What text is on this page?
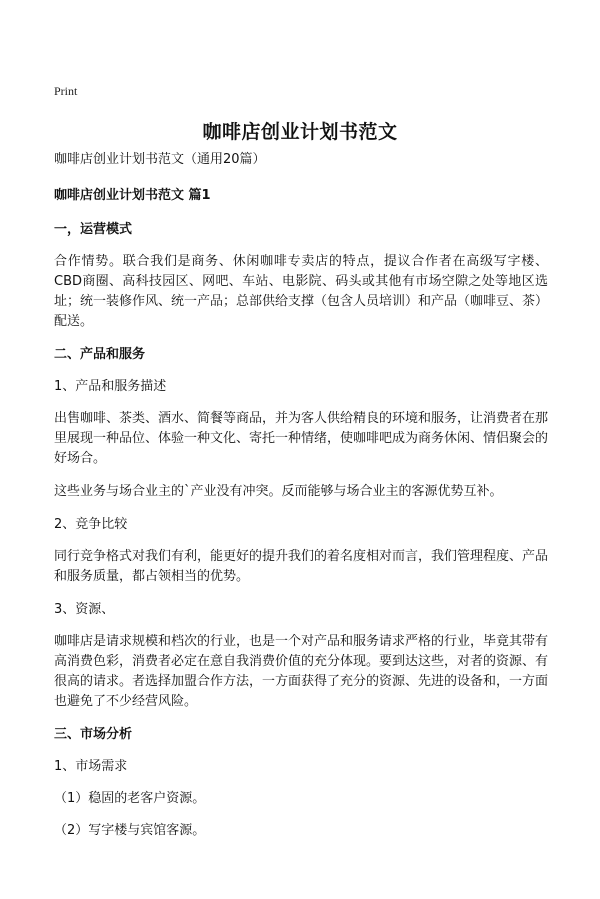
Print
咖啡店创业计划书范文

咖啡店创业计划书范文（通用20篇）

咖啡店创业计划书范文 篇1

一，运营模式

合作情势。联合我们是商务、休闲咖啡专卖店的特点，提议合作者在高级写字楼、CBD商圈、高科技园区、网吧、车站、电影院、码头或其他有市场空隙之处等地区选址；统一装修作风、统一产品；总部供给支撑（包含人员培训）和产品（咖啡豆、茶）配送。

二、产品和服务

1、产品和服务描述

出售咖啡、茶类、酒水、简餐等商品，并为客人供给精良的环境和服务，让消费者在那里展现一种品位、体验一种文化、寄托一种情绪，使咖啡吧成为商务休闲、情侣聚会的好场合。

这些业务与场合业主的`产业没有冲突。反而能够与场合业主的客源优势互补。

2、竞争比较

同行竞争格式对我们有利，能更好的提升我们的着名度相对而言，我们管理程度、产品和服务质量，都占领相当的优势。

3、资源、

咖啡店是请求规模和档次的行业，也是一个对产品和服务请求严格的行业，毕竟其带有高消费色彩，消费者必定在意自我消费价值的充分体现。要到达这些，对者的资源、有很高的请求。者选择加盟合作方法，一方面获得了充分的资源、先进的设备和，一方面也避免了不少经营风险。

三、市场分析

1、市场需求

（1）稳固的老客户资源。

（2）写字楼与宾馆客源。
